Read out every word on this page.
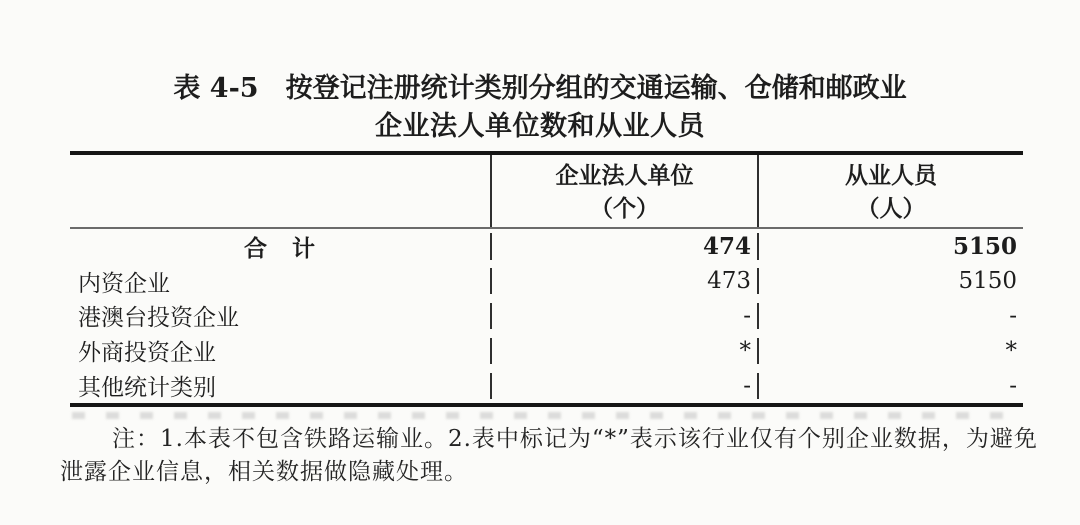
表 4-5　按登记注册统计类别分组的交通运输、仓储和邮政业
企业法人单位数和从业人员
企业法人单位
（个）
从业人员
（人）
合　计	474	5150
内资企业	473	5150
港澳台投资企业	-	-
外商投资企业	*	*
其他统计类别	-	-
注：1.本表不包含铁路运输业。2.表中标记为“*”表示该行业仅有个别企业数据，为避免
泄露企业信息，相关数据做隐藏处理。
